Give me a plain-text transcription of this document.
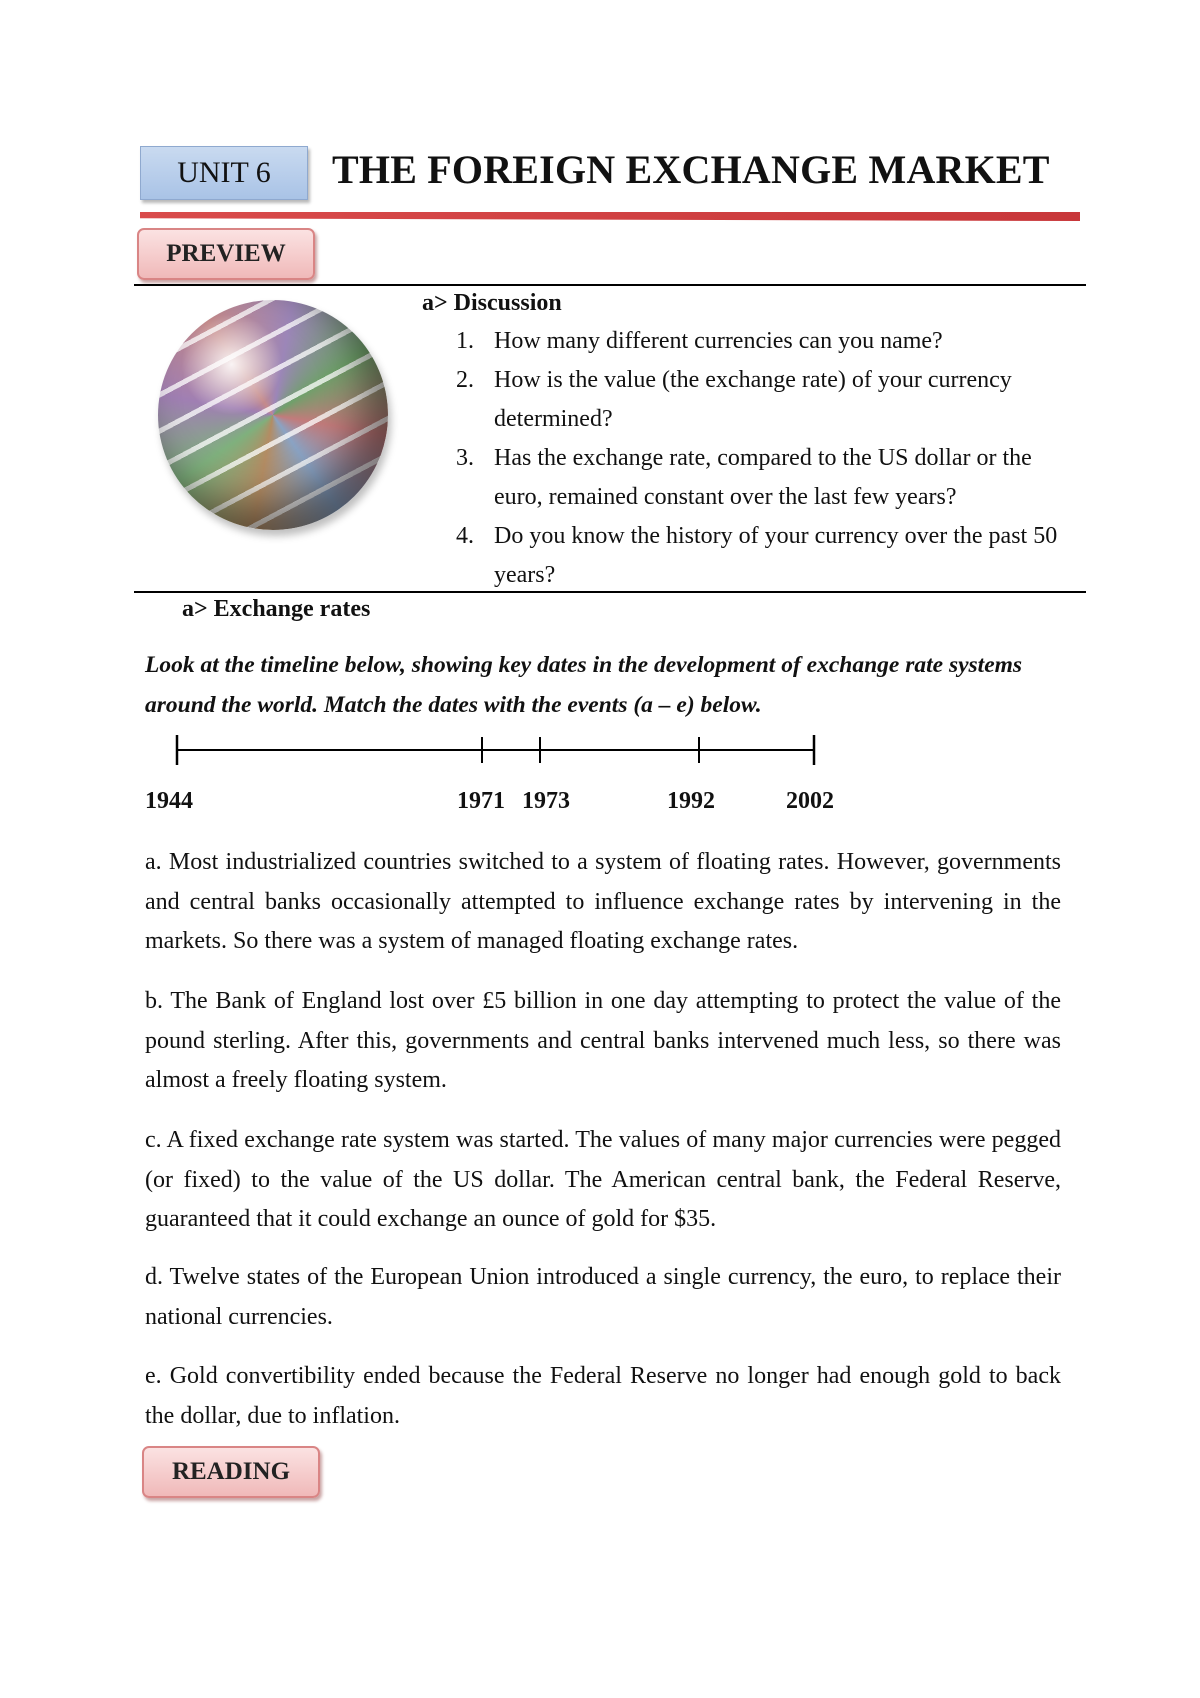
UNIT 6	THE FOREIGN EXCHANGE MARKET
PREVIEW
a> Discussion
1. How many different currencies can you name?
2. How is the value (the exchange rate) of your currency determined?
3. Has the exchange rate, compared to the US dollar or the euro, remained constant over the last few years?
4. Do you know the history of your currency over the past 50 years?
a> Exchange rates
Look at the timeline below, showing key dates in the development of exchange rate systems around the world. Match the dates with the events (a – e) below.
1944	1971 1973	1992	2002
a. Most industrialized countries switched to a system of floating rates. However, governments and central banks occasionally attempted to influence exchange rates by intervening in the markets. So there was a system of managed floating exchange rates.
b. The Bank of England lost over £5 billion in one day attempting to protect the value of the pound sterling. After this, governments and central banks intervened much less, so there was almost a freely floating system.
c. A fixed exchange rate system was started. The values of many major currencies were pegged (or fixed) to the value of the US dollar. The American central bank, the Federal Reserve, guaranteed that it could exchange an ounce of gold for $35.
d. Twelve states of the European Union introduced a single currency, the euro, to replace their national currencies.
e. Gold convertibility ended because the Federal Reserve no longer had enough gold to back the dollar, due to inflation.
READING
